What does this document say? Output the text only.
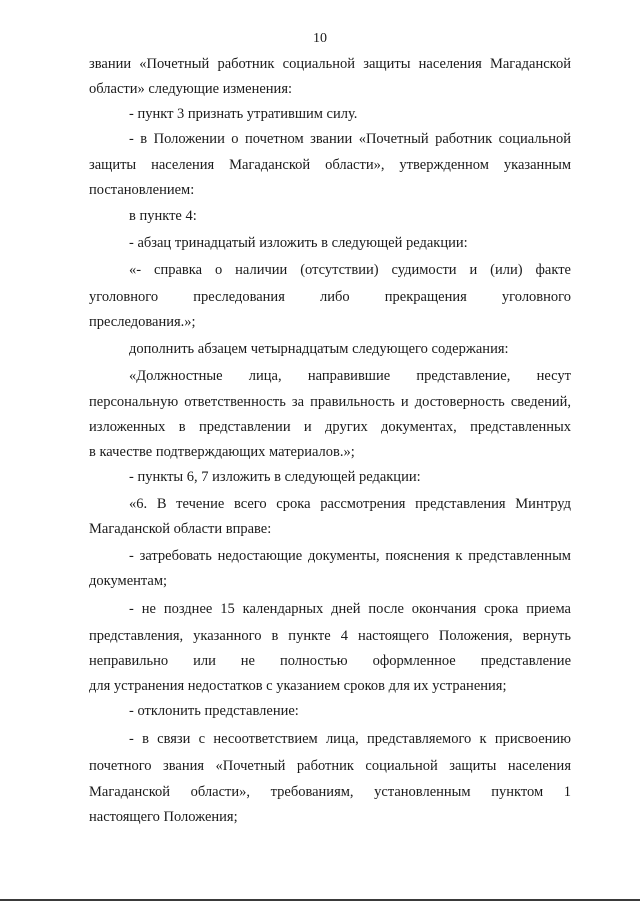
10
звании «Почетный работник социальной защиты населения Магаданской
области» следующие изменения:
- пункт 3 признать утратившим силу.
- в Положении о почетном звании «Почетный работник социальной
защиты населения Магаданской области», утвержденном указанным
постановлением:
в пункте 4:
- абзац тринадцатый изложить в следующей редакции:
«- справка о наличии (отсутствии) судимости и (или) факте
уголовного преследования либо прекращения уголовного
преследования.»;
дополнить абзацем четырнадцатым следующего содержания:
«Должностные лица, направившие представление, несут
персональную ответственность за правильность и достоверность сведений,
изложенных в представлении и других документах, представленных
в качестве подтверждающих материалов.»;
- пункты 6, 7 изложить в следующей редакции:
«6. В течение всего срока рассмотрения представления Минтруд
Магаданской области вправе:
- затребовать недостающие документы, пояснения к представленным
документам;
- не позднее 15 календарных дней после окончания срока приема
представления, указанного в пункте 4 настоящего Положения, вернуть
неправильно или не полностью оформленное представление
для устранения недостатков с указанием сроков для их устранения;
- отклонить представление:
- в связи с несоответствием лица, представляемого к присвоению
почетного звания «Почетный работник социальной защиты населения
Магаданской области», требованиям, установленным пунктом 1
настоящего Положения;
